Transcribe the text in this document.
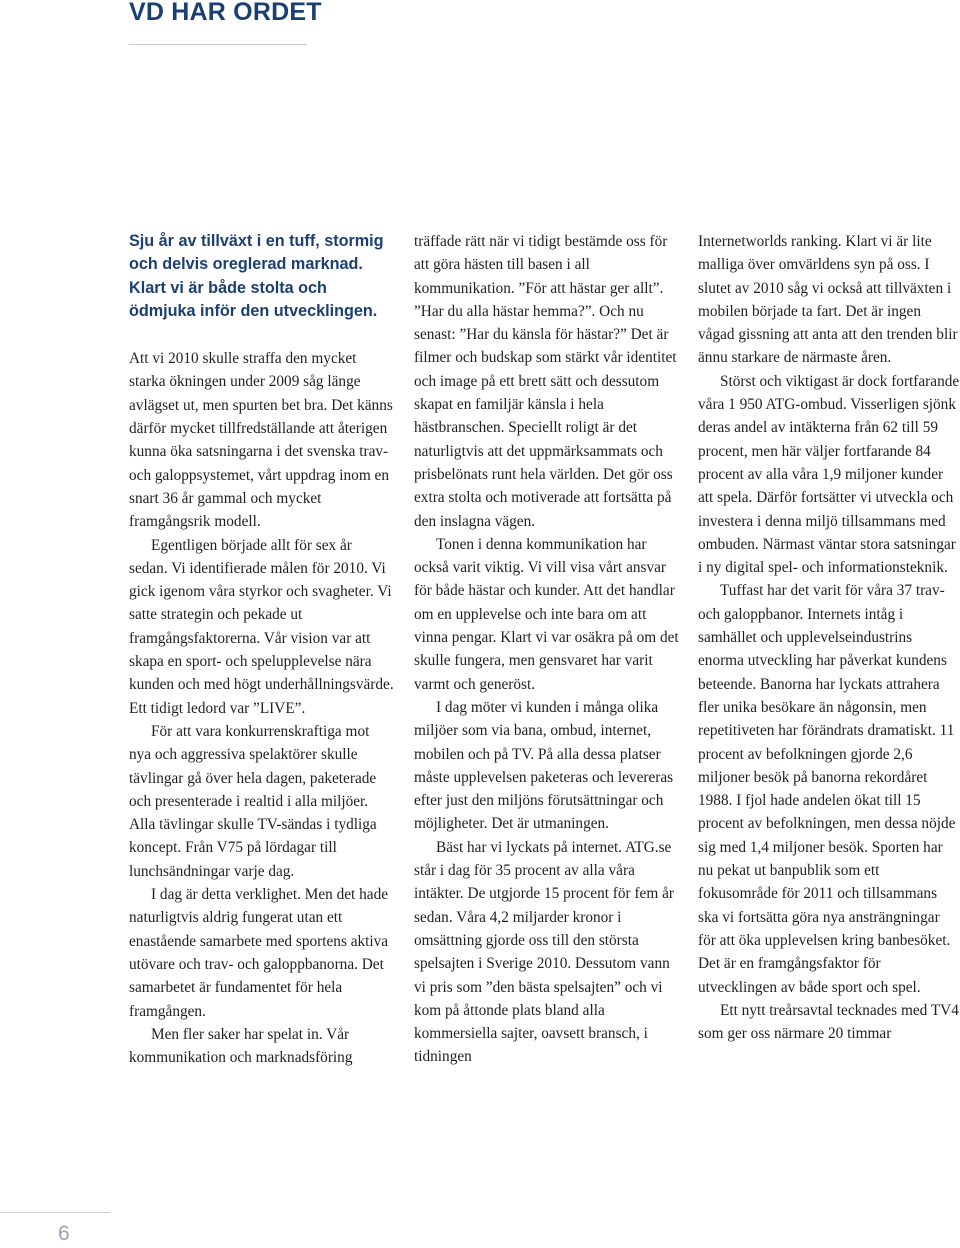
VD HAR ORDET

Sju år av tillväxt i en tuff, stormig och delvis oreglerad marknad. Klart vi är både stolta och ödmjuka inför den utvecklingen.

Att vi 2010 skulle straffa den mycket starka ökningen under 2009 såg länge avlägset ut, men spurten bet bra. Det känns därför mycket tillfredställande att återigen kunna öka satsningarna i det svenska trav- och galoppsystemet, vårt uppdrag inom en snart 36 år gammal och mycket framgångsrik modell.

Egentligen började allt för sex år sedan. Vi identifierade målen för 2010. Vi gick igenom våra styrkor och svagheter. Vi satte strategin och pekade ut framgångsfaktorerna. Vår vision var att skapa en sport- och spelupplevelse nära kunden och med högt underhållningsvärde. Ett tidigt ledord var ”LIVE”.

För att vara konkurrenskraftiga mot nya och aggressiva spelaktörer skulle tävlingar gå över hela dagen, paketerade och presenterade i realtid i alla miljöer. Alla tävlingar skulle TV-sändas i tydliga koncept. Från V75 på lördagar till lunchsändningar varje dag.

I dag är detta verklighet. Men det hade naturligtvis aldrig fungerat utan ett enastående samarbete med sportens aktiva utövare och trav- och galoppbanorna. Det samarbetet är fundamentet för hela framgången.

Men fler saker har spelat in. Vår kommunikation och marknadsföring

träffade rätt när vi tidigt bestämde oss för att göra hästen till basen i all kommunikation. ”För att hästar ger allt”. ”Har du alla hästar hemma?”. Och nu senast: ”Har du känsla för hästar?” Det är filmer och budskap som stärkt vår identitet och image på ett brett sätt och dessutom skapat en familjär känsla i hela hästbranschen. Speciellt roligt är det naturligtvis att det uppmärksammats och prisbelönats runt hela världen. Det gör oss extra stolta och motiverade att fortsätta på den inslagna vägen.

Tonen i denna kommunikation har också varit viktig. Vi vill visa vårt ansvar för både hästar och kunder. Att det handlar om en upplevelse och inte bara om att vinna pengar. Klart vi var osäkra på om det skulle fungera, men gensvaret har varit varmt och generöst.

I dag möter vi kunden i många olika miljöer som via bana, ombud, internet, mobilen och på TV. På alla dessa platser måste upplevelsen paketeras och levereras efter just den miljöns förutsättningar och möjligheter. Det är utmaningen.

Bäst har vi lyckats på internet. ATG.se står i dag för 35 procent av alla våra intäkter. De utgjorde 15 procent för fem år sedan. Våra 4,2 miljarder kronor i omsättning gjorde oss till den största spelsajten i Sverige 2010. Dessutom vann vi pris som ”den bästa spelsajten” och vi kom på åttonde plats bland alla kommersiella sajter, oavsett bransch, i tidningen

Internetworlds ranking. Klart vi är lite malliga över omvärldens syn på oss. I slutet av 2010 såg vi också att tillväxten i mobilen började ta fart. Det är ingen vågad gissning att anta att den trenden blir ännu starkare de närmaste åren.

Störst och viktigast är dock fortfarande våra 1 950 ATG-ombud. Visserligen sjönk deras andel av intäkterna från 62 till 59 procent, men här väljer fortfarande 84 procent av alla våra 1,9 miljoner kunder att spela. Därför fortsätter vi utveckla och investera i denna miljö tillsammans med ombuden. Närmast väntar stora satsningar i ny digital spel- och informationsteknik.

Tuffast har det varit för våra 37 trav- och galoppbanor. Internets intåg i samhället och upplevelseindustrins enorma utveckling har påverkat kundens beteende. Banorna har lyckats attrahera fler unika besökare än någonsin, men repetitiveten har förändrats dramatiskt. 11 procent av befolkningen gjorde 2,6 miljoner besök på banorna rekordåret 1988. I fjol hade andelen ökat till 15 procent av befolkningen, men dessa nöjde sig med 1,4 miljoner besök. Sporten har nu pekat ut banpublik som ett fokusområde för 2011 och tillsammans ska vi fortsätta göra nya ansträngningar för att öka upplevelsen kring banbesöket. Det är en framgångsfaktor för utvecklingen av både sport och spel.

Ett nytt treårsavtal tecknades med TV4 som ger oss närmare 20 timmar

6
